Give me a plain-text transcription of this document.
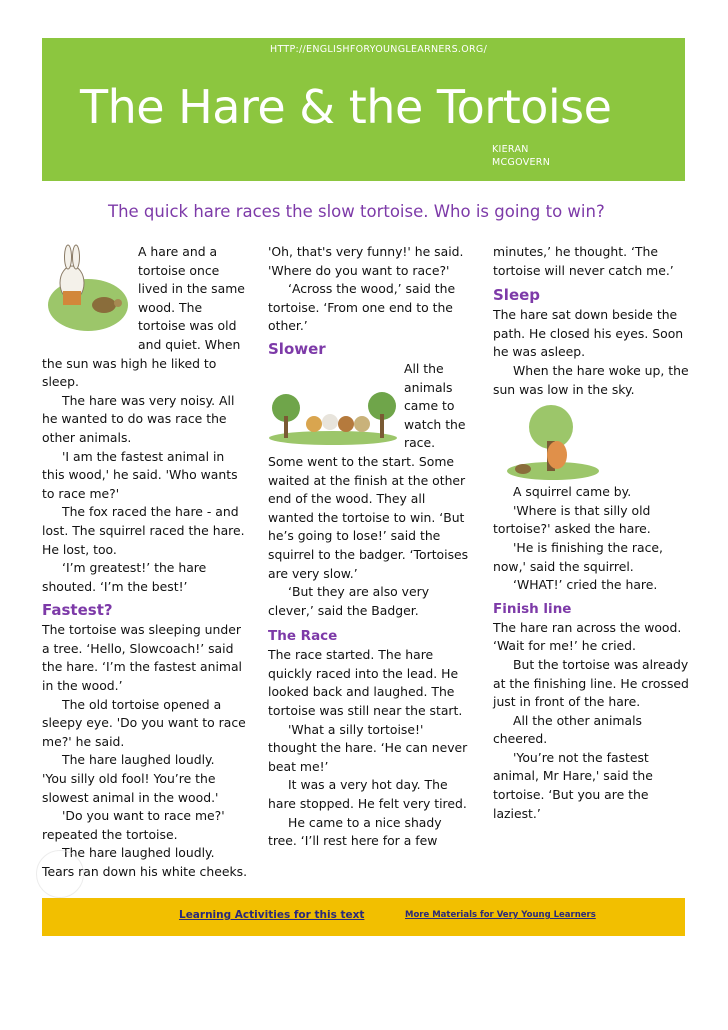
HTTP://ENGLISHFORYOUNGLEARNERS.ORG/
The Hare & the Tortoise
KIERAN
MCGOVERN
The quick hare races the slow tortoise. Who is going to win?

A hare and a tortoise once lived in the same wood. The tortoise was old and quiet. When the sun was high he liked to sleep.

The hare was very noisy. All he wanted to do was race the other animals.

'I am the fastest animal in this wood,' he said. 'Who wants to race me?'

The fox raced the hare - and lost. The squirrel raced the hare. He lost, too.

‘I’m greatest!’ the hare shouted. ‘I’m the best!’

Fastest?

The tortoise was sleeping under a tree. ‘Hello, Slowcoach!’ said the hare. ‘I’m the fastest animal in the wood.’

The old tortoise opened a sleepy eye. 'Do you want to race me?' he said.

The hare laughed loudly.

'You silly old fool! You’re the slowest animal in the wood.'

'Do you want to race me?' repeated the tortoise.

The hare laughed loudly.

Tears ran down his white cheeks.

'Oh, that's very funny!' he said. 'Where do you want to race?'

‘Across the wood,’ said the tortoise. ‘From one end to the other.’

Slower

All the animals came to watch the race. Some went to the start. Some waited at the finish at the other end of the wood. They all wanted the tortoise to win. ‘But he’s going to lose!’ said the squirrel to the badger. ‘Tortoises are very slow.’

‘But they are also very clever,’ said the Badger.

The Race

The race started. The hare quickly raced into the lead. He looked back and laughed. The tortoise was still near the start.

'What a silly tortoise!' thought the hare. ‘He can never beat me!’

It was a very hot day. The hare stopped. He felt very tired.

He came to a nice shady tree. ‘I’ll rest here for a few

minutes,’ he thought. ‘The tortoise will never catch me.’

Sleep

The hare sat down beside the path. He closed his eyes. Soon he was asleep.

When the hare woke up, the sun was low in the sky.

A squirrel came by.

'Where is that silly old tortoise?' asked the hare.

'He is finishing the race, now,' said the squirrel.

‘WHAT!’ cried the hare.

Finish line

The hare ran across the wood. ‘Wait for me!’ he cried.

But the tortoise was already at the finishing line. He crossed just in front of the hare.

All the other animals cheered.

'You’re not the fastest animal, Mr Hare,' said the tortoise. ‘But you are the laziest.’

Learning Activities for this text	More Materials for Very Young Learners
